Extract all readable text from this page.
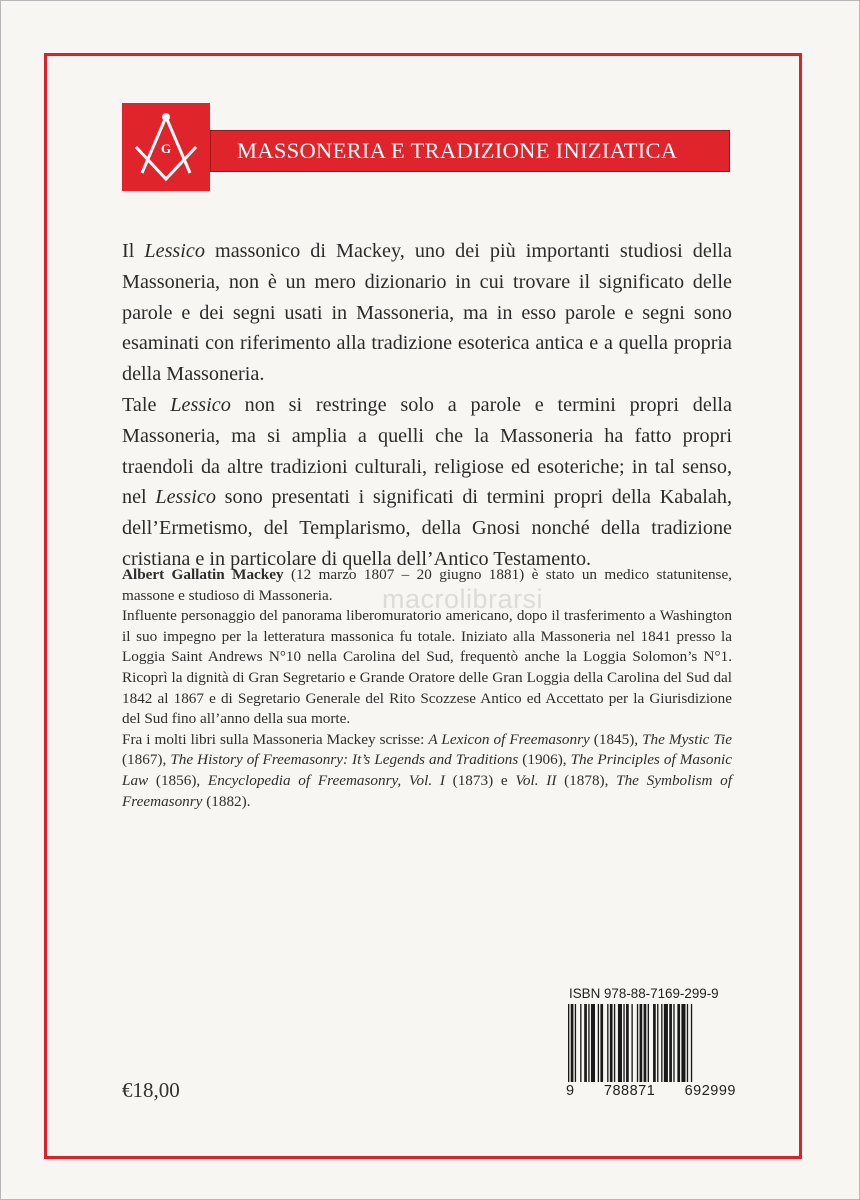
G	MASSONERIA E TRADIZIONE INIZIATICA

Il Lessico massonico di Mackey, uno dei più importanti studiosi della Massoneria, non è un mero dizionario in cui trovare il significato delle parole e dei segni usati in Massoneria, ma in esso parole e segni sono esaminati con riferimento alla tradizione esoterica antica e a quella propria della Massoneria.

Tale Lessico non si restringe solo a parole e termini propri della Massoneria, ma si amplia a quelli che la Massoneria ha fatto propri traendoli da altre tradizioni culturali, religiose ed esoteriche; in tal senso, nel Lessico sono presentati i significati di termini propri della Kabalah, dell’Ermetismo, del Templarismo, della Gnosi nonché della tradizione cristiana e in particolare di quella dell’Antico Testamento.

Albert Gallatin Mackey (12 marzo 1807 – 20 giugno 1881) è stato un medico statunitense, massone e studioso di Massoneria.

Influente personaggio del panorama liberomuratorio americano, dopo il trasferimento a Washington il suo impegno per la letteratura massonica fu totale. Iniziato alla Massoneria nel 1841 presso la Loggia Saint Andrews N°10 nella Carolina del Sud, frequentò anche la Loggia Solomon’s N°1. Ricoprì la dignità di Gran Segretario e Grande Oratore delle Gran Loggia della Carolina del Sud dal 1842 al 1867 e di Segretario Generale del Rito Scozzese Antico ed Accettato per la Giurisdizione del Sud fino all’anno della sua morte.

Fra i molti libri sulla Massoneria Mackey scrisse: A Lexicon of Freemasonry (1845), The Mystic Tie (1867), The History of Freemasonry: It’s Legends and Traditions (1906), The Principles of Masonic Law (1856), Encyclopedia of Freemasonry, Vol. I (1873) e Vol. II (1878), The Symbolism of Freemasonry (1882).

macrolibrarsi
ISBN 978-88-7169-299-9
9 788871 692999
€18,00
